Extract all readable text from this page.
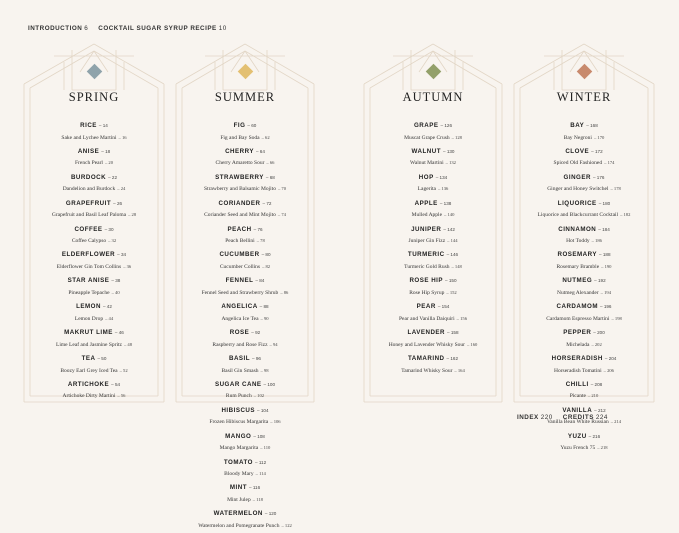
INTRODUCTION 6 COCKTAIL SUGAR SYRUP RECIPE 10
INDEX 220 CREDITS 224
SPRING
RICE – 14
Sake and Lychee Martini – 16
ANISE – 18
French Pearl – 20
BURDOCK – 22
Dandelion and Burdock – 24
GRAPEFRUIT – 26
Grapefruit and Basil Leaf Paloma – 28
COFFEE – 30
Coffee Calypso – 32
ELDERFLOWER – 34
Elderflower Gin Tom Collins – 36
STAR ANISE – 38
Pineapple Tepache – 40
LEMON – 42
Lemon Drop – 44
MAKRUT LIME – 46
Lime Leaf and Jasmine Spritz – 48
TEA – 50
Boozy Earl Grey Iced Tea – 52
ARTICHOKE – 54
Artichoke Dirty Martini – 56
SUMMER
FIG – 60
Fig and Bay Soda – 62
CHERRY – 64
Cherry Amaretto Sour – 66
STRAWBERRY – 68
Strawberry and Balsamic Mojito – 70
CORIANDER – 72
Coriander Seed and Mint Mojito – 74
PEACH – 76
Peach Bellini – 78
CUCUMBER – 80
Cucumber Collins – 82
FENNEL – 84
Fennel Seed and Strawberry Shrub – 86
ANGELICA – 88
Angelica Ice Tea – 90
ROSE – 92
Raspberry and Rose Fizz – 94
BASIL – 96
Basil Gin Smash – 98
SUGAR CANE – 100
Rum Punch – 102
HIBISCUS – 104
Frozen Hibiscus Margarita – 106
MANGO – 108
Mango Margarita – 110
TOMATO – 112
Bloody Mary – 114
MINT – 116
Mint Julep – 118
WATERMELON – 120
Watermelon and Pomegranate Punch – 122
AUTUMN
GRAPE – 126
Muscat Grape Crush – 128
WALNUT – 130
Walnut Martini – 132
HOP – 134
Lagerita – 136
APPLE – 138
Mulled Apple – 140
JUNIPER – 142
Juniper Gin Fizz – 144
TURMERIC – 146
Turmeric Gold Rush – 148
ROSE HIP – 150
Rose Hip Syrup – 152
PEAR – 154
Pear and Vanilla Daiquiri – 156
LAVENDER – 158
Honey and Lavender Whisky Sour – 160
TAMARIND – 162
Tamarind Whisky Sour – 164
WINTER
BAY – 168
Bay Negroni – 170
CLOVE – 172
Spiced Old Fashioned – 174
GINGER – 176
Ginger and Honey Switchel – 178
LIQUORICE – 180
Liquorice and Blackcurrant Cocktail – 182
CINNAMON – 184
Hot Toddy – 186
ROSEMARY – 188
Rosemary Bramble – 190
NUTMEG – 192
Nutmeg Alexander – 194
CARDAMOM – 196
Cardamom Espresso Martini – 198
PEPPER – 200
Michelada – 202
HORSERADISH – 204
Horseradish Tomatini – 206
CHILLI – 208
Picante – 210
VANILLA – 212
Vanilla Bean White Russian – 214
YUZU – 216
Yuzu French 75 – 218
